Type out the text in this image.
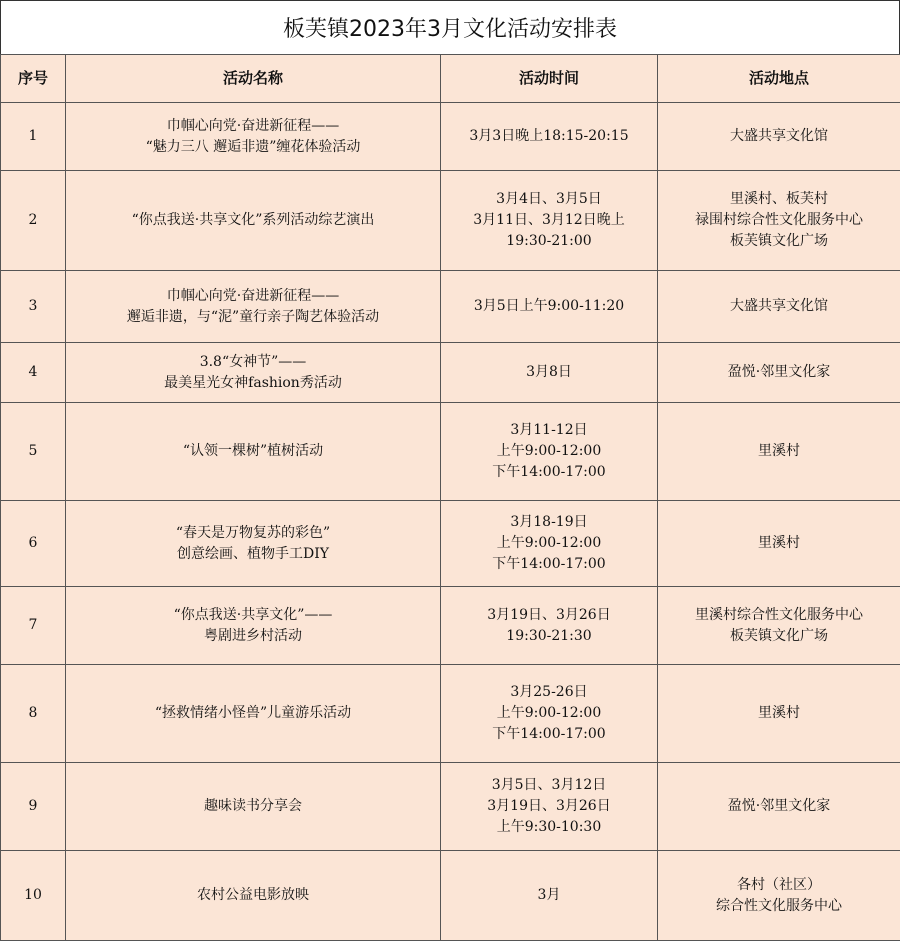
板芙镇2023年3月文化活动安排表
序号	活动名称	活动时间	活动地点
1	巾帼心向党·奋进新征程——
“魅力三八 邂逅非遗”缠花体验活动	3月3日晚上18:15-20:15	大盛共享文化馆
2	“你点我送·共享文化”系列活动综艺演出	3月4日、3月5日
3月11日、3月12日晚上
19:30-21:00	里溪村、板芙村
禄围村综合性文化服务中心
板芙镇文化广场
3	巾帼心向党·奋进新征程——
邂逅非遗，与“泥”童行亲子陶艺体验活动	3月5日上午9:00-11:20	大盛共享文化馆
4	3.8“女神节”——
最美星光女神fashion秀活动	3月8日	盈悦·邻里文化家
5	“认领一棵树”植树活动	3月11-12日
上午9:00-12:00
下午14:00-17:00	里溪村
6	“春天是万物复苏的彩色”
创意绘画、植物手工DIY	3月18-19日
上午9:00-12:00
下午14:00-17:00	里溪村
7	“你点我送·共享文化”——
粤剧进乡村活动	3月19日、3月26日
19:30-21:30	里溪村综合性文化服务中心
板芙镇文化广场
8	“拯救情绪小怪兽”儿童游乐活动	3月25-26日
上午9:00-12:00
下午14:00-17:00	里溪村
9	趣味读书分享会	3月5日、3月12日
3月19日、3月26日
上午9:30-10:30	盈悦·邻里文化家
10	农村公益电影放映	3月	各村（社区）
综合性文化服务中心
